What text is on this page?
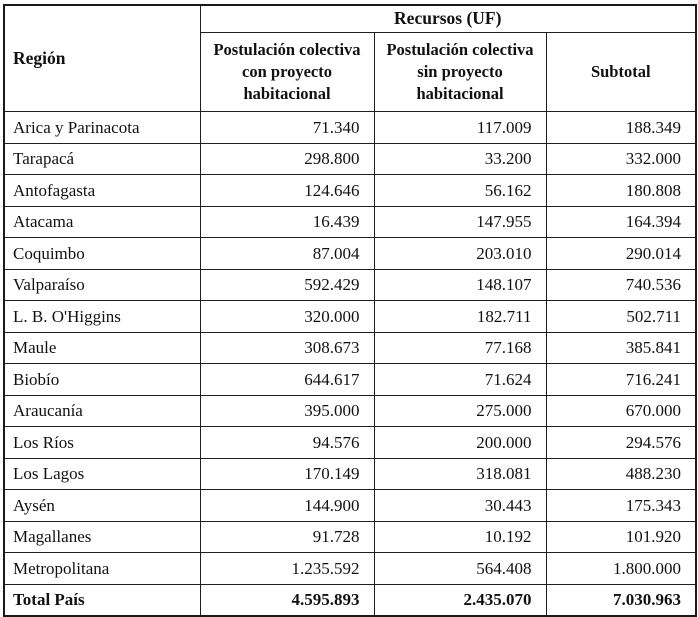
Región	Recursos (UF)		
	Postulación colectiva con proyecto habitacional	Postulación colectiva sin proyecto habitacional	Subtotal
Arica y Parinacota	71.340	117.009	188.349
Tarapacá	298.800	33.200	332.000
Antofagasta	124.646	56.162	180.808
Atacama	16.439	147.955	164.394
Coquimbo	87.004	203.010	290.014
Valparaíso	592.429	148.107	740.536
L. B. O'Higgins	320.000	182.711	502.711
Maule	308.673	77.168	385.841
Biobío	644.617	71.624	716.241
Araucanía	395.000	275.000	670.000
Los Ríos	94.576	200.000	294.576
Los Lagos	170.149	318.081	488.230
Aysén	144.900	30.443	175.343
Magallanes	91.728	10.192	101.920
Metropolitana	1.235.592	564.408	1.800.000
Total País	4.595.893	2.435.070	7.030.963
